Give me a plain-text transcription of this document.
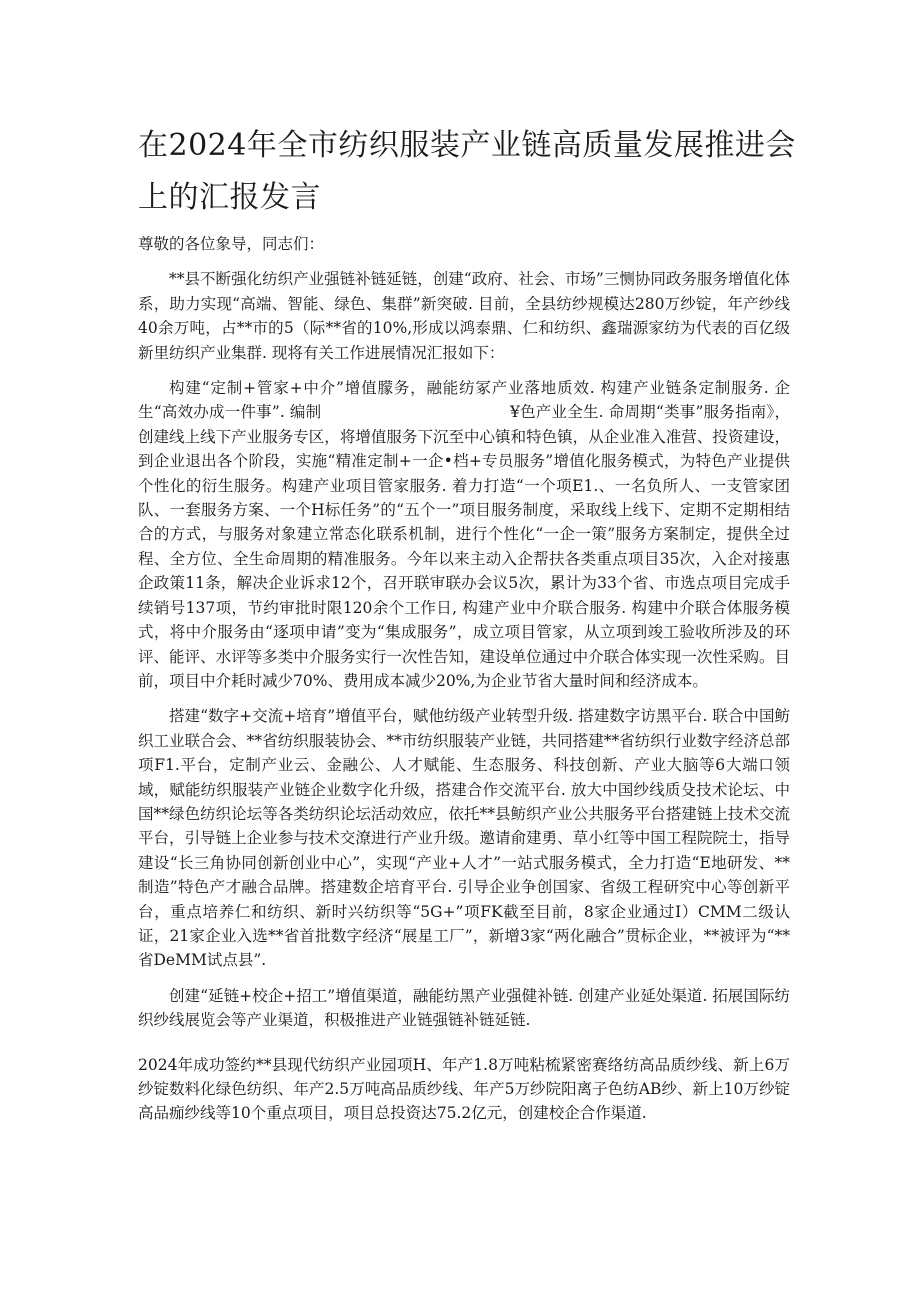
在2024年全市纺织服装产业链高质量发展推进会上的汇报发言

尊敬的各位象导，同志们：

**县不断强化纺织产业强链补链延链，创建“政府、社会、市场”三恻协同政务服务增值化体系，助力实现“高端、智能、绿色、集群”新突破. 目前，全县纺纱规模达280万纱锭，年产纱线40余万吨，占**市的5（际**省的10%,形成以鸿泰鼎、仁和纺织、鑫瑞源家纺为代表的百亿级新里纺织产业集群. 现将有关工作进展情况汇报如下：

构建“定制+管家+中介”增值朦务，融能纺冢产业落地质效. 构建产业链条定制服务. 企生“高效办成一件事”. 编制　　　　　　　　　　　　¥色产业全生. 命周期“类事”服务指南》，创建线上线下产业服务专区，将增值服务下沉至中心镇和特色镇，从企业准入准营、投资建设，到企业退出各个阶段，实施“精准定制+一企•档+专员服务”增值化服务模式，为特色产业提供个性化的衍生服务。构建产业项目管家服务. 着力打造“一个项E1.、一名负所人、一支管家团队、一套服务方案、一个H标任务”的“五个一”项目服务制度，采取线上线下、定期不定期相结合的方式，与服务对象建立常态化联系机制，进行个性化“一企一策”服务方案制定，提供全过程、全方位、全生命周期的精准服务。今年以来主动入企帮扶各类重点项目35次，入企对接惠企政策11条，解决企业诉求12个，召开联审联办会议5次，累计为33个省、市选点项目完成手续销号137项，节约审批时限120余个工作日, 构建产业中介联合服务. 构建中介联合体服务模式，将中介服务由“逐项申请”变为“集成服务”，成立项目管家，从立项到竣工验收所涉及的环评、能评、水评等多类中介服务实行一次性告知，建设单位通过中介联合体实现一次性采购。目前，项目中介耗时减少70%、费用成本减少20%,为企业节省大量时间和经济成本。

搭建“数字+交流+培育”增值平台，赋他纺级产业转型升级. 搭建数字访黑平台. 联合中国鲂织工业联合会、**省纺织服装协会、**市纺织服装产业链，共同搭建**省纺织行业数字经济总部项F1.平台，定制产业云、金融公、人才赋能、生态服务、科技创新、产业大脑等6大端口领域，赋能纺织服装产业链企业数字化升级，搭建合作交流平台. 放大中国纱线质殳技术论坛、中国**绿色纺织论坛等各类纺织论坛活动效应，依托**县鲂织产业公共服务平台搭建链上技术交流平台，引导链上企业参与技术交潦进行产业升级。邀请俞建勇、草小红等中国工程院院士，指导建设“长三角协同创新创业中心”，实现“产业+人才”一站式服务模式，全力打造“E地研发、**制造”特色产才融合品牌。搭建数企培育平台. 引导企业争创国家、省级工程研究中心等创新平台，重点培养仁和纺织、新时兴纺织等“5G+”项FK截至目前，8家企业通过I）CMM二级认证，21家企业入选**省首批数字经济“展星工厂”，新增3家“两化融合”贯标企业，**被评为“**省DeMM试点县”.

创建“延链+校企+招工”增值渠道，融能纺黑产业强健补链. 创建产业延处渠道. 拓展国际纺织纱线展览会等产业渠道，积极推进产业链强链补链延链.

2024年成功签约**县现代纺织产业园项H、年产1.8万吨粘梳紧密赛络纺高品质纱线、新上6万纱锭数料化绿色纺织、年产2.5万吨高品质纱线、年产5万纱院阳离子色纺AB纱、新上10万纱锭高品痂纱线等10个重点项目，项目总投资达75.2亿元，创建校企合作渠道.
